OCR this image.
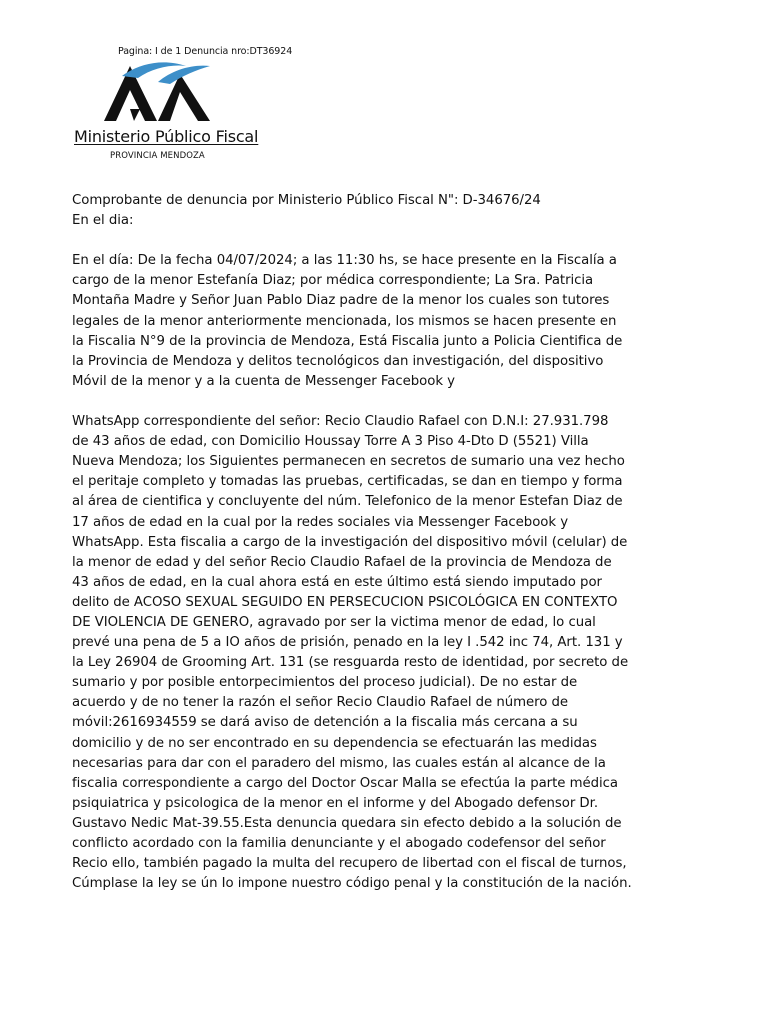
Pagina: I de 1 Denuncia nro:DT36924
Ministerio Público Fiscal
PROVINCIA MENDOZA

Comprobante de denuncia por Ministerio Público Fiscal N": D-34676/24

En el dia:

En el día: De la fecha 04/07/2024; a las 11:30 hs, se hace presente en la Fiscalía a

cargo de la menor Estefanía Diaz; por médica correspondiente; La Sra. Patricia

Montaña Madre y Señor Juan Pablo Diaz padre de la menor los cuales son tutores

legales de la menor anteriormente mencionada, los mismos se hacen presente en

la Fiscalia N°9 de la provincia de Mendoza, Está Fiscalia junto a Policia Cientifica de

la Provincia de Mendoza y delitos tecnológicos dan investigación, del dispositivo

Móvil de la menor y a la cuenta de Messenger Facebook y

WhatsApp correspondiente del señor: Recio Claudio Rafael con D.N.I: 27.931.798

de 43 años de edad, con Domicilio Houssay Torre A 3 Piso 4-Dto D (5521) Villa

Nueva Mendoza; los Siguientes permanecen en secretos de sumario una vez hecho

el peritaje completo y tomadas las pruebas, certificadas, se dan en tiempo y forma

al área de cientifica y concluyente del núm. Telefonico de la menor Estefan Diaz de

17 años de edad en la cual por la redes sociales via Messenger Facebook y

WhatsApp. Esta fiscalia a cargo de la investigación del dispositivo móvil (celular) de

la menor de edad y del señor Recio Claudio Rafael de la provincia de Mendoza de

43 años de edad, en la cual ahora está en este último está siendo imputado por

delito de ACOSO SEXUAL SEGUIDO EN PERSECUCION PSICOLÓGICA EN CONTEXTO

DE VIOLENCIA DE GENERO, agravado por ser la victima menor de edad, lo cual

prevé una pena de 5 a IO años de prisión, penado en la ley I .542 inc 74, Art. 131 y

la Ley 26904 de Grooming Art. 131 (se resguarda resto de identidad, por secreto de

sumario y por posible entorpecimientos del proceso judicial). De no estar de

acuerdo y de no tener la razón el señor Recio Claudio Rafael de número de

móvil:2616934559 se dará aviso de detención a la fiscalia más cercana a su

domicilio y de no ser encontrado en su dependencia se efectuarán las medidas

necesarias para dar con el paradero del mismo, las cuales están al alcance de la

fiscalia correspondiente a cargo del Doctor Oscar Malla se efectúa la parte médica

psiquiatrica y psicologica de la menor en el informe y del Abogado defensor Dr.

Gustavo Nedic Mat-39.55.Esta denuncia quedara sin efecto debido a la solución de

conflicto acordado con la familia denunciante y el abogado codefensor del señor

Recio ello, también pagado la multa del recupero de libertad con el fiscal de turnos,

Cúmplase la ley se ún Io impone nuestro código penal y la constitución de la nación.
